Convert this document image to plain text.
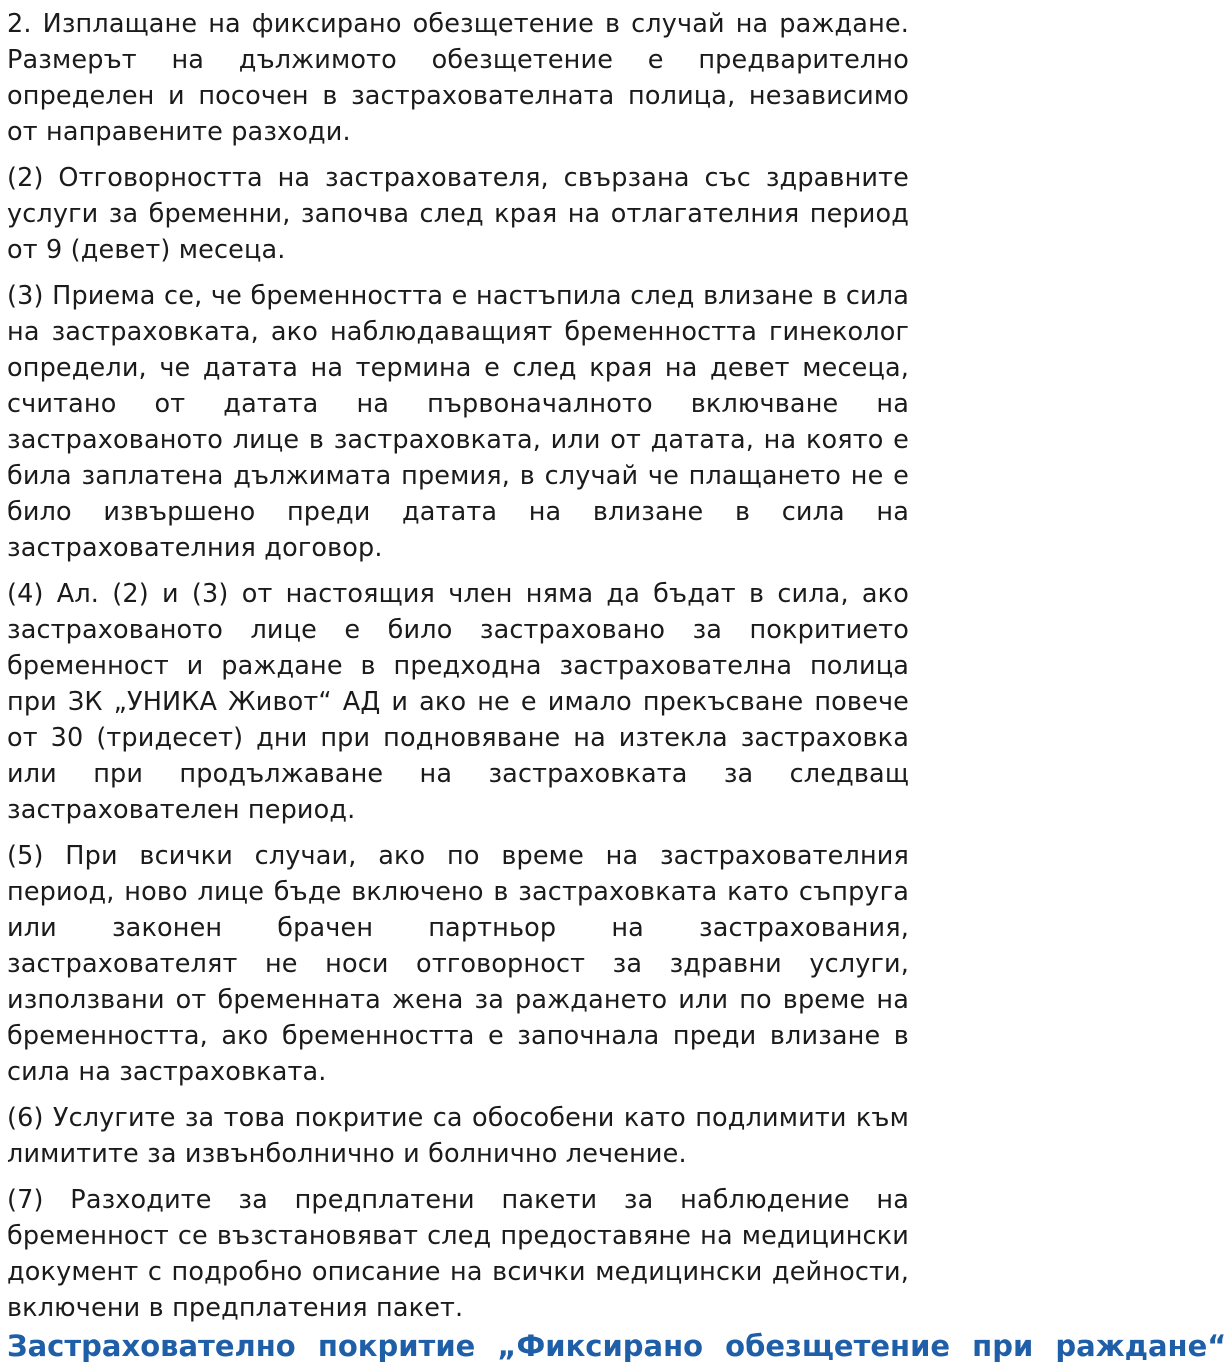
2. Изплащане на фиксирано обезщетение в случай на раждане. Размерът на дължимото обезщетение е предварително определен и посочен в застрахователната полица, независимо от направените разходи.

(2) Отговорността на застрахователя, свързана със здравните услуги за бременни, започва след края на отлагателния период от 9 (девет) месеца.

(3) Приема се, че бременността е настъпила след влизане в сила на застраховката, ако наблюдаващият бременността гинеколог определи, че датата на термина е след края на девет месеца, считано от датата на първоначалното включване на застрахованото лице в застраховката, или от датата, на която е била заплатена дължимата премия, в случай че плащането не е било извършено преди датата на влизане в сила на застрахователния договор.

(4) Ал. (2) и (3) от настоящия член няма да бъдат в сила, ако застрахованото лице е било застраховано за покритието бременност и раждане в предходна застрахователна полица при ЗК „УНИКА Живот“ АД и ако не е имало прекъсване повече от 30 (тридесет) дни при подновяване на изтекла застраховка или при продължаване на застраховката за следващ застрахователен период.

(5) При всички случаи, ако по време на застрахователния период, ново лице бъде включено в застраховката като съпруга или законен брачен партньор на застрахования, застрахователят не носи отговорност за здравни услуги, използвани от бременната жена за раждането или по време на бременността, ако бременността е започнала преди влизане в сила на застраховката.

(6) Услугите за това покритие са обособени като подлимити към лимитите за извънболнично и болнично лечение.

(7) Разходите за предплатени пакети за наблюдение на бременност се възстановяват след предоставяне на медицински документ с подробно описание на всички медицински дейности, включени в предплатения пакет.

Застрахователно покритие „Фиксирано обезщетение при раждане“
